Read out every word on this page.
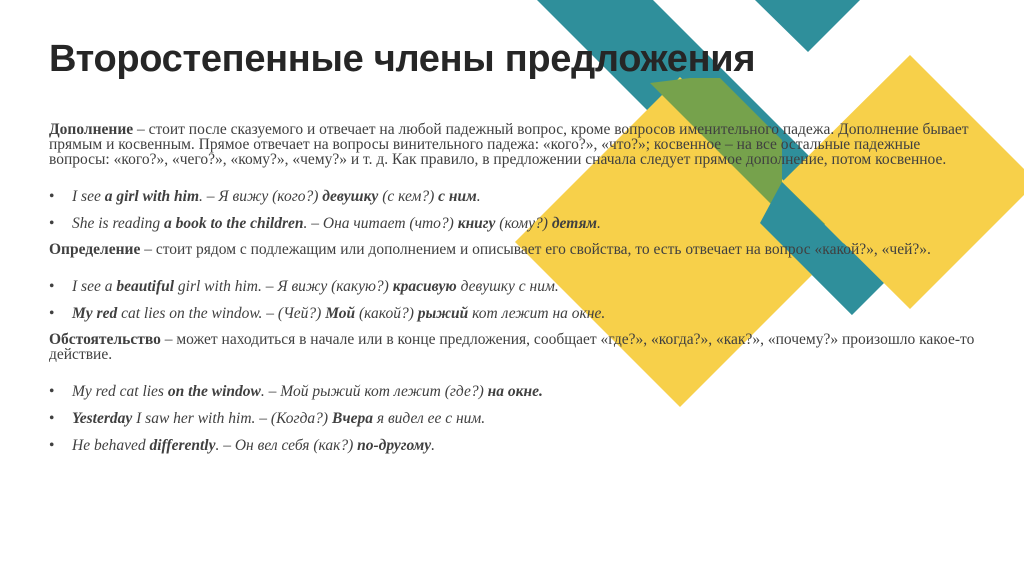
Второстепенные члены предложения

Дополнение – стоит после сказуемого и отвечает на любой падежный вопрос, кроме вопросов именительного падежа. Дополнение бывает прямым и косвенным. Прямое отвечает на вопросы винительного падежа: «кого?», «что?»; косвенное – на все остальные падежные вопросы: «кого?», «чего?», «кому?», «чему?» и т. д. Как правило, в предложении сначала следует прямое дополнение, потом косвенное.

• I see a girl with him. – Я вижу (кого?) девушку (с кем?) с ним.
• She is reading a book to the children. – Она читает (что?) книгу (кому?) детям.

Определение – стоит рядом с подлежащим или дополнением и описывает его свойства, то есть отвечает на вопрос «какой?», «чей?».

• I see a beautiful girl with him. – Я вижу (какую?) красивую девушку с ним.
• My red cat lies on the window. – (Чей?) Мой (какой?) рыжий кот лежит на окне.

Обстоятельство – может находиться в начале или в конце предложения, сообщает «где?», «когда?», «как?», «почему?» произошло какое-то действие.

• My red cat lies on the window. – Мой рыжий кот лежит (где?) на окне.
• Yesterday I saw her with him. – (Когда?) Вчера я видел ее с ним.
• He behaved differently. – Он вел себя (как?) по-другому.
